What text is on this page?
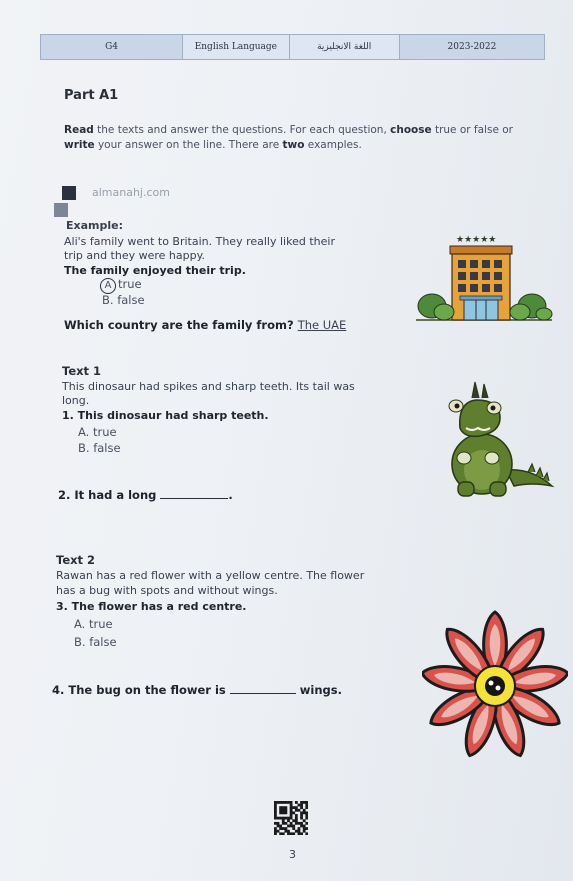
G4	English Language	اللغة الانجليزية	2023-2022
Part A1
Read the texts and answer the questions. For each question, choose true or false or write your answer on the line. There are two examples.
almanahj.com
Example:
Ali's family went to Britain. They really liked their
trip and they were happy.
The family enjoyed their trip.
A true
B. false
Which country are the family from? The UAE
Text 1
This dinosaur had spikes and sharp teeth. Its tail was
long.
1. This dinosaur had sharp teeth.
A. true
B. false
2. It had a long	.
Text 2
Rawan has a red flower with a yellow centre. The flower
has a bug with spots and without wings.
3. The flower has a red centre.
A. true
B. false
4. The bug on the flower is	wings.
★★★★★
3
